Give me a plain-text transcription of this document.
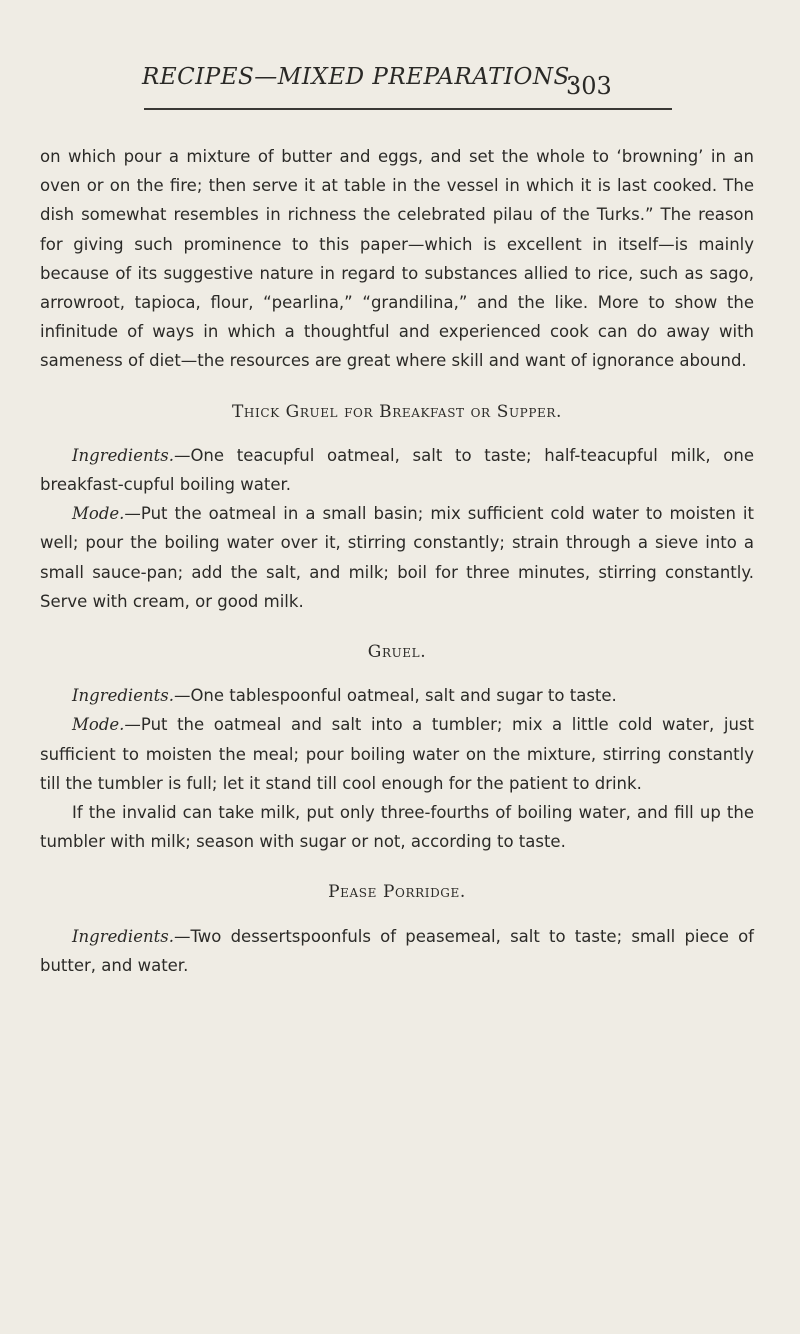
RECIPES—MIXED PREPARATIONS.
303

on which pour a mixture of butter and eggs, and set the whole to ‘browning’ in an oven or on the fire; then serve it at table in the vessel in which it is last cooked. The dish somewhat resembles in richness the celebrated pilau of the Turks.” The reason for giving such prominence to this paper—which is excellent in itself—is mainly because of its suggestive nature in regard to substances allied to rice, such as sago, arrowroot, tapioca, flour, “pearlina,” “grandilina,” and the like. More to show the infinitude of ways in which a thoughtful and experienced cook can do away with sameness of diet—the resources are great where skill and want of ignorance abound.

Thick Gruel for Breakfast or Supper.

Ingredients.—One teacupful oatmeal, salt to taste; half-teacupful milk, one breakfast-cupful boiling water.

Mode.—Put the oatmeal in a small basin; mix sufficient cold water to moisten it well; pour the boiling water over it, stirring constantly; strain through a sieve into a small sauce-pan; add the salt, and milk; boil for three minutes, stirring constantly. Serve with cream, or good milk.

Gruel.

Ingredients.—One tablespoonful oatmeal, salt and sugar to taste.

Mode.—Put the oatmeal and salt into a tumbler; mix a little cold water, just sufficient to moisten the meal; pour boiling water on the mixture, stirring constantly till the tumbler is full; let it stand till cool enough for the patient to drink.

If the invalid can take milk, put only three-fourths of boiling water, and fill up the tumbler with milk; season with sugar or not, according to taste.

Pease Porridge.

Ingredients.—Two dessertspoonfuls of peasemeal, salt to taste; small piece of butter, and water.
